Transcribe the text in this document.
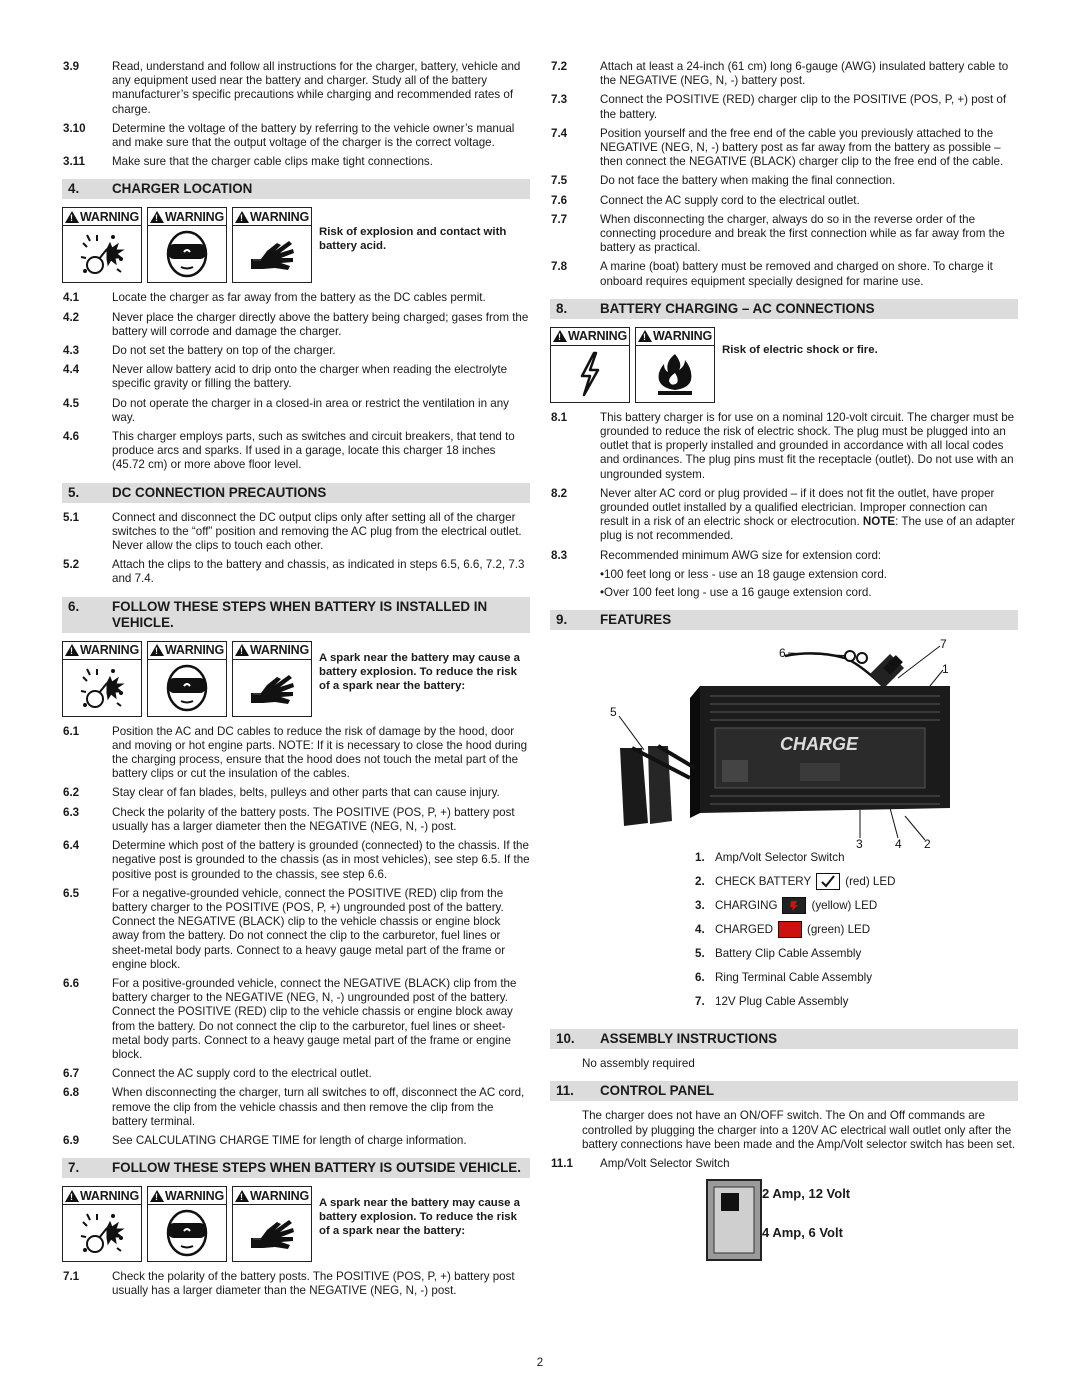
3.9	Read, understand and follow all instructions for the charger, battery, vehicle and any equipment used near the battery and charger. Study all of the battery manufacturer’s specific precautions while charging and recommended rates of charge.
3.10	Determine the voltage of the battery by referring to the vehicle owner’s manual and make sure that the output voltage of the charger is the correct voltage.
3.11	Make sure that the charger cable clips make tight connections.
4.	CHARGER LOCATION
! WARNING ! WARNING ! WARNING
Risk of explosion and contact with battery acid.
4.1	Locate the charger as far away from the battery as the DC cables permit.
4.2	Never place the charger directly above the battery being charged; gases from the battery will corrode and damage the charger.
4.3	Do not set the battery on top of the charger.
4.4	Never allow battery acid to drip onto the charger when reading the electrolyte specific gravity or filling the battery.
4.5	Do not operate the charger in a closed-in area or restrict the ventilation in any way.
4.6	This charger employs parts, such as switches and circuit breakers, that tend to produce arcs and sparks. If used in a garage, locate this charger 18 inches (45.72 cm) or more above floor level.
5.	DC CONNECTION PRECAUTIONS
5.1	Connect and disconnect the DC output clips only after setting all of the charger switches to the “off” position and removing the AC plug from the electrical outlet. Never allow the clips to touch each other.
5.2	Attach the clips to the battery and chassis, as indicated in steps 6.5, 6.6, 7.2, 7.3 and 7.4.
6.	FOLLOW THESE STEPS WHEN BATTERY IS INSTALLED IN VEHICLE.
! WARNING ! WARNING ! WARNING
A spark near the battery may cause a battery explosion. To reduce the risk of a spark near the battery:
6.1	Position the AC and DC cables to reduce the risk of damage by the hood, door and moving or hot engine parts. NOTE: If it is necessary to close the hood during the charging process, ensure that the hood does not touch the metal part of the battery clips or cut the insulation of the cables.
6.2	Stay clear of fan blades, belts, pulleys and other parts that can cause injury.
6.3	Check the polarity of the battery posts. The POSITIVE (POS, P, +) battery post usually has a larger diameter then the NEGATIVE (NEG, N, -) post.
6.4	Determine which post of the battery is grounded (connected) to the chassis. If the negative post is grounded to the chassis (as in most vehicles), see step 6.5. If the positive post is grounded to the chassis, see step 6.6.
6.5	For a negative-grounded vehicle, connect the POSITIVE (RED) clip from the battery charger to the POSITIVE (POS, P, +) ungrounded post of the battery. Connect the NEGATIVE (BLACK) clip to the vehicle chassis or engine block away from the battery. Do not connect the clip to the carburetor, fuel lines or sheet-metal body parts. Connect to a heavy gauge metal part of the frame or engine block.
6.6	For a positive-grounded vehicle, connect the NEGATIVE (BLACK) clip from the battery charger to the NEGATIVE (NEG, N, -) ungrounded post of the battery. Connect the POSITIVE (RED) clip to the vehicle chassis or engine block away from the battery. Do not connect the clip to the carburetor, fuel lines or sheet-metal body parts. Connect to a heavy gauge metal part of the frame or engine block.
6.7	Connect the AC supply cord to the electrical outlet.
6.8	When disconnecting the charger, turn all switches to off, disconnect the AC cord, remove the clip from the vehicle chassis and then remove the clip from the battery terminal.
6.9	See CALCULATING CHARGE TIME for length of charge information.
7.	FOLLOW THESE STEPS WHEN BATTERY IS OUTSIDE VEHICLE.
! WARNING ! WARNING ! WARNING
A spark near the battery may cause a battery explosion. To reduce the risk of a spark near the battery:
7.1	Check the polarity of the battery posts. The POSITIVE (POS, P, +) battery post usually has a larger diameter than the NEGATIVE (NEG, N, -) post.
7.2	Attach at least a 24-inch (61 cm) long 6-gauge (AWG) insulated battery cable to the NEGATIVE (NEG, N, -) battery post.
7.3	Connect the POSITIVE (RED) charger clip to the POSITIVE (POS, P, +) post of the battery.
7.4	Position yourself and the free end of the cable you previously attached to the NEGATIVE (NEG, N, -) battery post as far away from the battery as possible – then connect the NEGATIVE (BLACK) charger clip to the free end of the cable.
7.5	Do not face the battery when making the final connection.
7.6	Connect the AC supply cord to the electrical outlet.
7.7	When disconnecting the charger, always do so in the reverse order of the connecting procedure and break the first connection while as far away from the battery as practical.
7.8	A marine (boat) battery must be removed and charged on shore. To charge it onboard requires equipment specially designed for marine use.
8.	BATTERY CHARGING – AC CONNECTIONS
! WARNING ! WARNING
Risk of electric shock or fire.
8.1	This battery charger is for use on a nominal 120-volt circuit. The charger must be grounded to reduce the risk of electric shock. The plug must be plugged into an outlet that is properly installed and grounded in accordance with all local codes and ordinances. The plug pins must fit the receptacle (outlet). Do not use with an ungrounded system.
8.2	Never alter AC cord or plug provided – if it does not fit the outlet, have proper grounded outlet installed by a qualified electrician. Improper connection can result in a risk of an electric shock or electrocution. NOTE: The use of an adapter plug is not recommended.
8.3	Recommended minimum AWG size for extension cord:
•100 feet long or less - use an 18 gauge extension cord.
•Over 100 feet long - use a 16 gauge extension cord.
9.	FEATURES
CHARGE
6
7
1
5
3	4 2
1. Amp/Volt Selector Switch
2. CHECK BATTERY	(red) LED
3. CHARGING	(yellow) LED
4. CHARGED	(green) LED
5. Battery Clip Cable Assembly
6. Ring Terminal Cable Assembly
7. 12V Plug Cable Assembly
10.	ASSEMBLY INSTRUCTIONS
No assembly required
11.	CONTROL PANEL
The charger does not have an ON/OFF switch. The On and Off commands are controlled by plugging the charger into a 120V AC electrical wall outlet only after the battery connections have been made and the Amp/Volt selector switch has been set.
11.1	Amp/Volt Selector Switch
2 Amp, 12 Volt
4 Amp, 6 Volt
2
